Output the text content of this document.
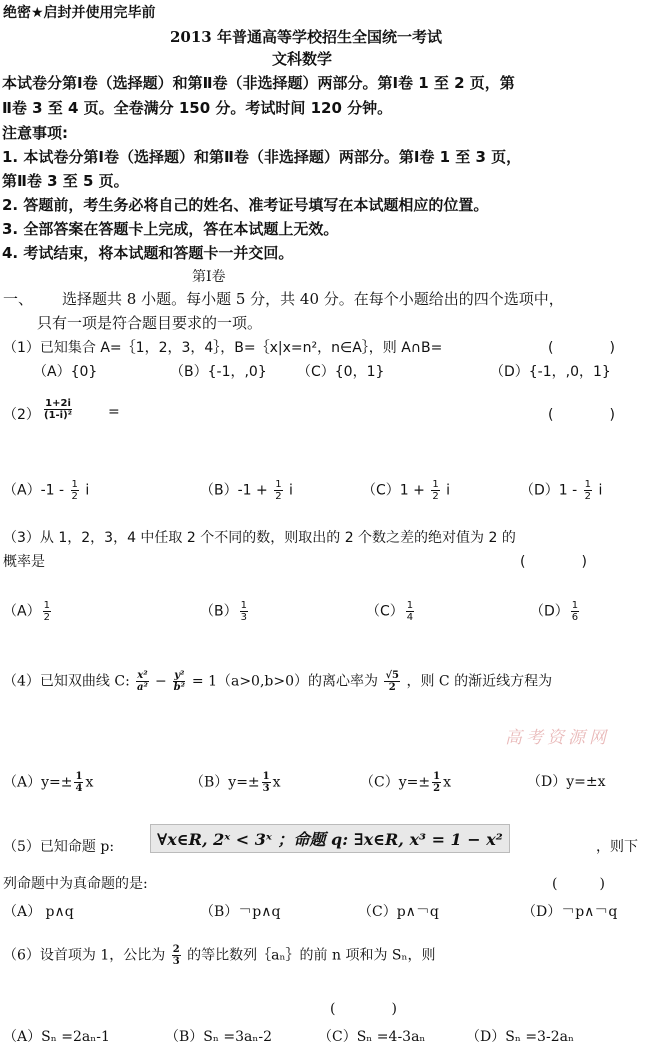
绝密★启封并使用完毕前
2013 年普通高等学校招生全国统一考试
文科数学
本试卷分第Ⅰ卷（选择题）和第Ⅱ卷（非选择题）两部分。第Ⅰ卷 1 至 2 页，第
Ⅱ卷 3 至 4 页。全卷满分 150 分。考试时间 120 分钟。
注意事项:
1. 本试卷分第Ⅰ卷（选择题）和第Ⅱ卷（非选择题）两部分。第Ⅰ卷 1 至 3 页，
第Ⅱ卷 3 至 5 页。
2. 答题前，考生务必将自己的姓名、准考证号填写在本试题相应的位置。
3. 全部答案在答题卡上完成，答在本试题上无效。
4. 考试结束，将本试题和答题卡一并交回。
第Ⅰ卷
一、 选择题共 8 小题。每小题 5 分，共 40 分。在每个小题给出的四个选项中，
只有一项是符合题目要求的一项。
（1）已知集合 A=｛1，2，3，4｝，B=｛x|x=n²，n∈A｝，则 A∩B=	(　　　　)
（A）{0}	（B）{-1，,0} （C）{0，1}	（D）{-1，,0，1}
$(2) \frac{1+2i}{\text{(1-i)²}}$	=	(　　　　)
$(A)-1 - \frac{1}{2}$ i	$(B)-1 + \frac{1}{2}$ i	$(C)1 + \frac{1}{2}$ i	$(D)1 - \frac{1}{2}$ i
（3）从 1，2，3，4 中任取 2 个不同的数，则取出的 2 个数之差的绝对值为 2 的
概率是	(　　　　)
$(A) \frac{1}{2}$	$(B) \frac{1}{3}$	$(C) \frac{1}{4}$	$(D) \frac{1}{6}$
（4）已知双曲线 C: $\frac{\text{x²}}{\text{a²}} - \frac{\text{y²}}{\text{b²}} = 1(a>0,b>0)$的离心率为 $\frac{√5}{2}$ ，则 C 的渐近线方程为
高考资源网
$(A)y=\pm \frac{1}{4}$ x	$(B)y=\pm \frac{1}{3}$ x	$(C)y=\pm \frac{1}{2}$ x	（D）y=±x
（5）已知命题 p:	∀x∈R, 2ˣ < 3ˣ ；命题 q: ∃x∈R, x³ = 1 − x²	，则下
列命题中为真命题的是:	(　　　)
（A） p∧q	（B）￢p∧q	（C）p∧￢q	（D）￢p∧￢q
（6）设首项为 1，公比为 $\frac{2}{3}$ 的等比数列｛aₙ｝的前 n 项和为 Sₙ，则
(　　　　)
（A）Sₙ =2aₙ-1	（B）Sₙ =3aₙ-2	（C）Sₙ =4-3aₙ	（D）Sₙ =3-2aₙ
